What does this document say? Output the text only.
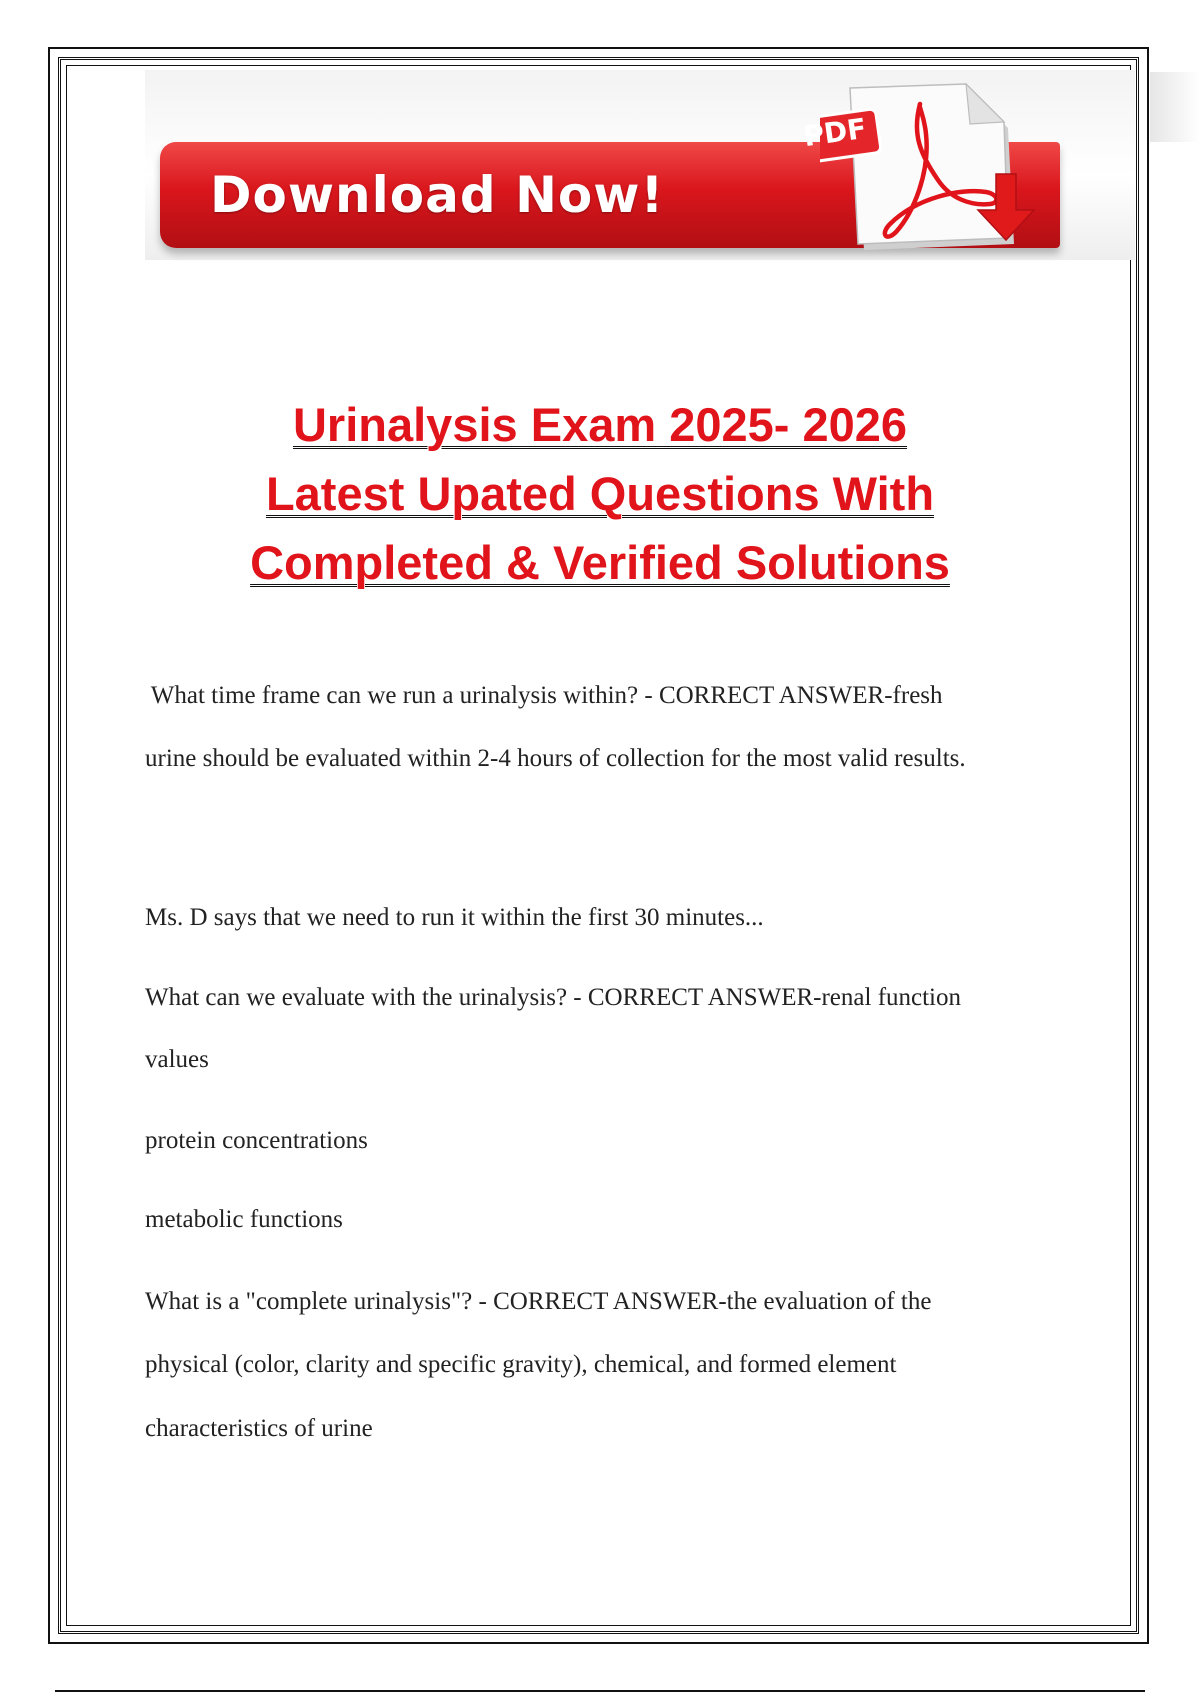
Download Now!
PDF
Urinalysis Exam 2025- 2026
Latest Upated Questions With
Completed & Verified Solutions
What time frame can we run a urinalysis within? - CORRECT ANSWER-fresh
urine should be evaluated within 2-4 hours of collection for the most valid results.
Ms. D says that we need to run it within the first 30 minutes...
What can we evaluate with the urinalysis? - CORRECT ANSWER-renal function
values
protein concentrations
metabolic functions
What is a "complete urinalysis"? - CORRECT ANSWER-the evaluation of the
physical (color, clarity and specific gravity), chemical, and formed element
characteristics of urine
